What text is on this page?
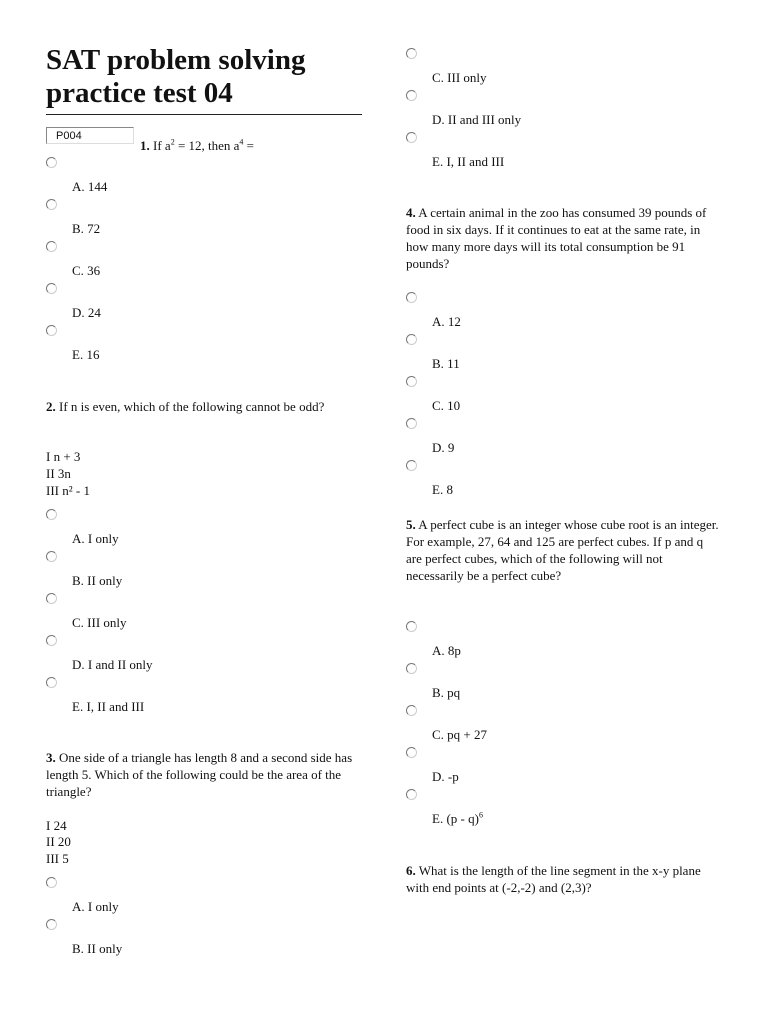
SAT problem solving practice test 04
P004
1. If $a^2 = 12$, then $a^4$ =
A. 144
B. 72
C. 36
D. 24
E. 16
2. If n is even, which of the following cannot be odd?
I n + 3
II 3n
III n² - 1
A. I only
B. II only
C. III only
D. I and II only
E. I, II and III
3. One side of a triangle has length 8 and a second side has length 5. Which of the following could be the area of the triangle?
I 24
II 20
III 5
A. I only
B. II only
C. III only
D. II and III only
E. I, II and III
4. A certain animal in the zoo has consumed 39 pounds of food in six days. If it continues to eat at the same rate, in how many more days will its total consumption be 91 pounds?
A. 12
B. 11
C. 10
D. 9
E. 8
5. A perfect cube is an integer whose cube root is an integer. For example, 27, 64 and 125 are perfect cubes. If p and q are perfect cubes, which of the following will not necessarily be a perfect cube?
A. 8p
B. pq
C. pq + 27
D. -p
E. (p - q)$^6$
6. What is the length of the line segment in the x-y plane with end points at (-2,-2) and (2,3)?
